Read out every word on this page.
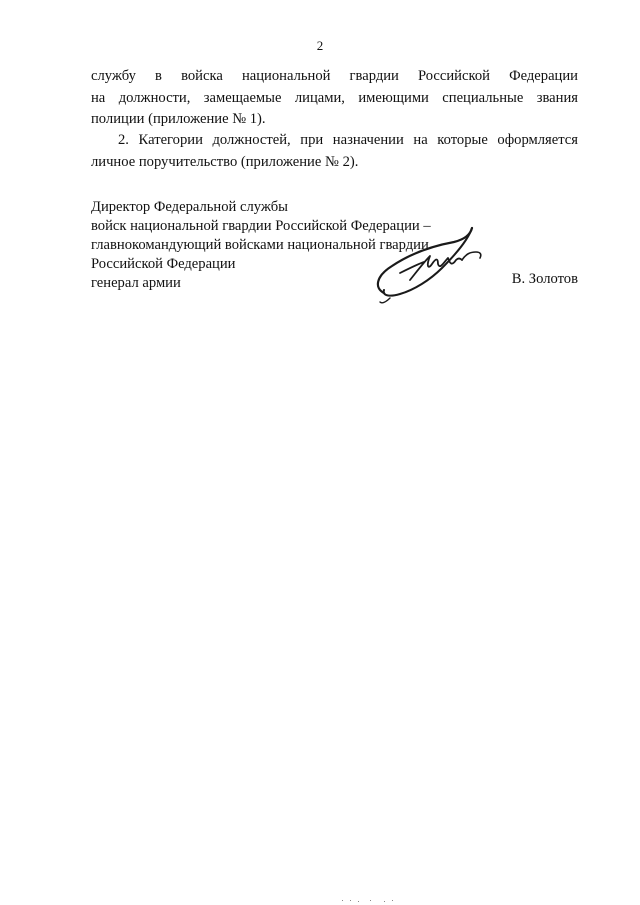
2
службу в войска национальной гвардии Российской Федерации
на должности, замещаемые лицами, имеющими специальные звания
полиции (приложение № 1).
2. Категории должностей, при назначении на которые оформляется
личное поручительство (приложение № 2).
Директор Федеральной службы
войск национальной гвардии Российской Федерации –
главнокомандующий войсками национальной гвардии
Российской Федерации
генерал армии	В. Золотов
